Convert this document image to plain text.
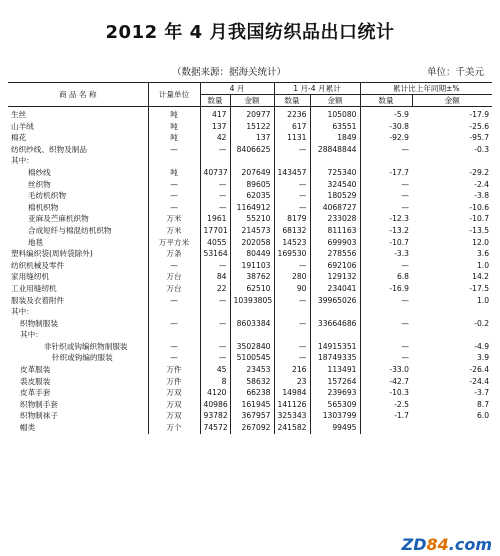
2012 年 4 月我国纺织品出口统计
（数据来源：据海关统计）	单位：千美元
商 品 名 称	计量单位	4 月		1 月-4 月累计		累计比上年同期±%	
		数量	金额	数量	金额	数量	金额
生丝	吨	417	20977	2236	105080	-5.9	-17.9
山羊绒	吨	137	15122	617	63551	-30.8	-25.6
棉花	吨	42	137	1131	1849	-92.9	-95.7
纺织纱线、织物及制品	—	—	8406625	—	28848844	—	-0.3
其中：							
棉纱线	吨	40737	207649	143457	725340	-17.7	-29.2
丝织物	—	—	89605	—	324540	—	-2.4
毛纺机织物	—	—	62035	—	180529	—	-3.8
棉机织物	—	—	1164912	—	4068727	—	-10.6
亚麻及苎麻机织物	万米	1961	55210	8179	233028	-12.3	-10.7
合成短纤与棉混纺机织物	万米	17701	214573	68132	811163	-13.2	-13.5
地毯	万平方米	4055	202058	14523	699903	-10.7	12.0
塑料编织袋(周转袋除外)	万条	53164	80449	169530	278556	-3.3	3.6
纺织机械及零件	—	—	191103	—	692106	—	1.0
家用缝纫机	万台	84	38762	280	129132	6.8	14.2
工业用缝纫机	万台	22	62510	90	234041	-16.9	-17.5
服装及衣着附件	—	—	10393805	—	39965026	—	1.0
其中：							
织物制服装	—	—	8603384	—	33664686	—	-0.2
其中：							
非针织或钩编织物制服装	—	—	3502840	—	14915351	—	-4.9
针织或钩编的服装	—	—	5100545	—	18749335	—	3.9
皮革服装	万件	45	23453	216	113491	-33.0	-26.4
裘皮服装	万件	8	58632	23	157264	-42.7	-24.4
皮革手套	万双	4120	66238	14984	239693	-10.3	-3.7
织物制手套	万双	40986	161945	141126	565309	-2.5	8.7
织物制袜子	万双	93782	367957	325343	1303799	-1.7	6.0
帽类	万个	74572	267092	241582	99495		
ZD84.com
